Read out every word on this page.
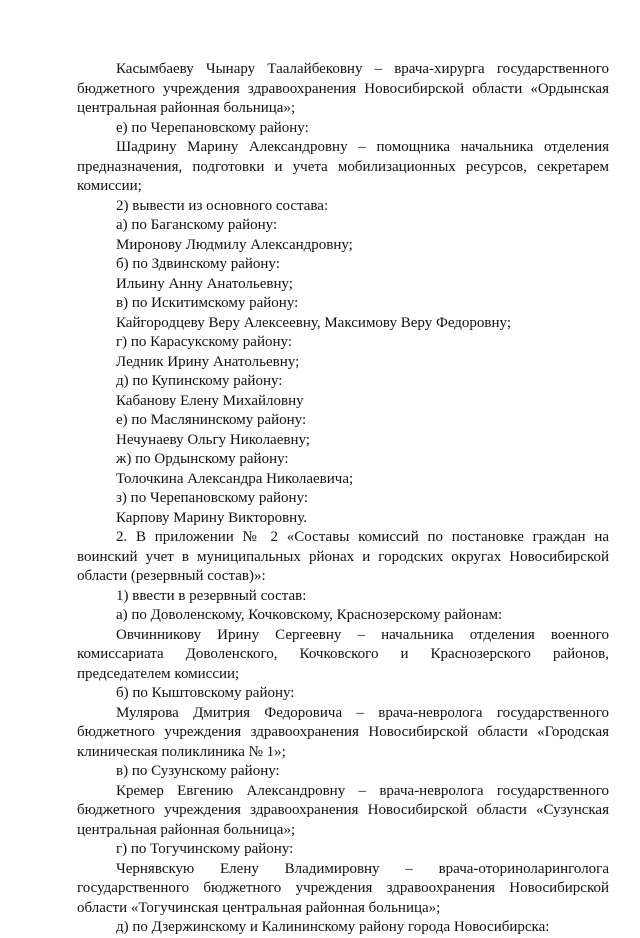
Касымбаеву Чынару Таалайбековну – врача-хирурга государственного бюджетного учреждения здравоохранения Новосибирской области «Ордынская центральная районная больница»;

е) по Черепановскому району:

Шадрину Марину Александровну – помощника начальника отделения предназначения, подготовки и учета мобилизационных ресурсов, секретарем комиссии;

2) вывести из основного состава:

а) по Баганскому району:

Миронову Людмилу Александровну;

б) по Здвинскому району:

Ильину Анну Анатольевну;

в) по Искитимскому району:

Кайгородцеву Веру Алексеевну, Максимову Веру Федоровну;

г) по Карасукскому району:

Ледник Ирину Анатольевну;

д) по Купинскому району:

Кабанову Елену Михайловну

е) по Маслянинскому району:

Нечунаеву Ольгу Николаевну;

ж) по Ордынскому району:

Толочкина Александра Николаевича;

з) по Черепановскому району:

Карпову Марину Викторовну.

2. В приложении № 2 «Составы комиссий по постановке граждан на воинский учет в муниципальных рйонах и городских округах Новосибирской области (резервный состав)»:

1) ввести в резервный состав:

а) по Доволенскому, Кочковскому, Краснозерскому районам:

Овчинникову Ирину Сергеевну – начальника отделения военного комиссариата Доволенского, Кочковского и Краснозерского районов, председателем комиссии;

б) по Кыштовскому району:

Мулярова Дмитрия Федоровича – врача-невролога государственного бюджетного учреждения здравоохранения Новосибирской области «Городская клиническая поликлиника № 1»;

в) по Сузунскому району:

Кремер Евгению Александровну – врача-невролога государственного бюджетного учреждения здравоохранения Новосибирской области «Сузунская центральная районная больница»;

г) по Тогучинскому району:

Чернявскую Елену Владимировну – врача-оториноларинголога государственного бюджетного учреждения здравоохранения Новосибирской области «Тогучинская центральная районная больница»;

д) по Дзержинскому и Калининскому району города Новосибирска:
